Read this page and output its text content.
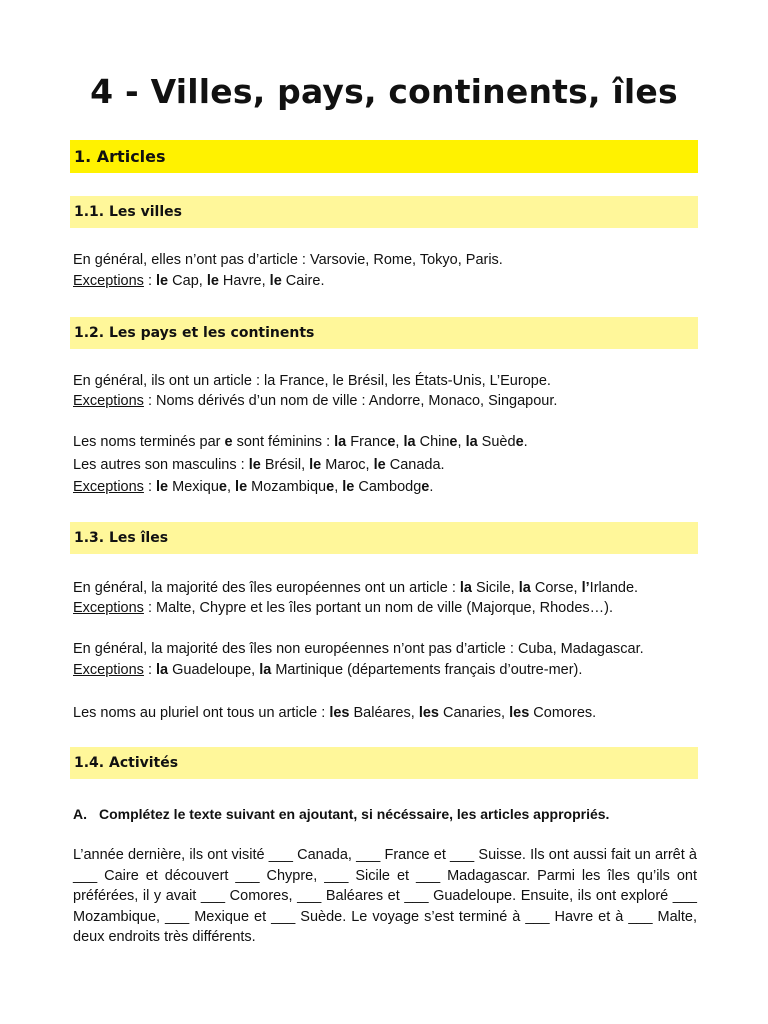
4 - Villes, pays, continents, îles
1. Articles
1.1. Les villes
En général, elles n’ont pas d’article : Varsovie, Rome, Tokyo, Paris.
Exceptions : le Cap, le Havre, le Caire.
1.2. Les pays et les continents
En général, ils ont un article : la France, le Brésil, les États-Unis, L’Europe.
Exceptions : Noms dérivés d’un nom de ville : Andorre, Monaco, Singapour.
Les noms terminés par e sont féminins : la France, la Chine, la Suède.
Les autres son masculins : le Brésil, le Maroc, le Canada.
Exceptions : le Mexique, le Mozambique, le Cambodge.
1.3. Les îles
En général, la majorité des îles européennes ont un article : la Sicile, la Corse, l’Irlande.
Exceptions : Malte, Chypre et les îles portant un nom de ville (Majorque, Rhodes…).
En général, la majorité des îles non européennes n’ont pas d’article : Cuba, Madagascar.
Exceptions : la Guadeloupe, la Martinique (départements français d’outre-mer).
Les noms au pluriel ont tous un article : les Baléares, les Canaries, les Comores.
1.4. Activités
A. Complétez le texte suivant en ajoutant, si nécéssaire, les articles appropriés.
L’année dernière, ils ont visité ___ Canada, ___ France et ___ Suisse. Ils ont aussi fait un arrêt à ___ Caire et découvert ___ Chypre, ___ Sicile et ___ Madagascar. Parmi les îles qu’ils ont préférées, il y avait ___ Comores, ___ Baléares et ___ Guadeloupe. Ensuite, ils ont exploré ___ Mozambique, ___ Mexique et ___ Suède. Le voyage s’est terminé à ___ Havre et à ___ Malte, deux endroits très différents.
